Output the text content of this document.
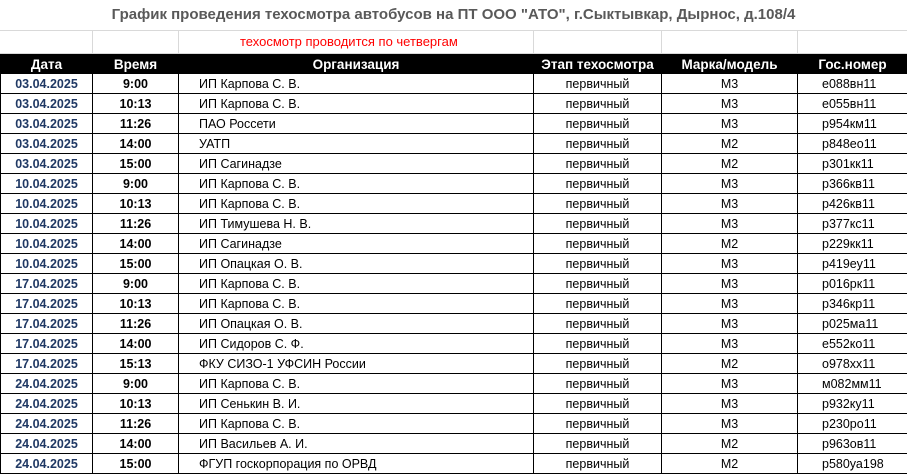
График проведения техосмотра автобусов на ПТ ООО "АТО", г.Сыктывкар, Дырнос, д.108/4
техосмотр проводится по четвергам
Дата	Время	Организация	Этап техосмотра	Марка/модель	Гос.номер
03.04.2025	9:00	ИП Карпова С. В.	первичный	М3	е088вн11
03.04.2025	10:13	ИП Карпова С. В.	первичный	М3	е055вн11
03.04.2025	11:26	ПАО Россети	первичный	М3	р954км11
03.04.2025	14:00	УАТП	первичный	М2	р848ео11
03.04.2025	15:00	ИП Сагинадзе	первичный	М2	р301кк11
10.04.2025	9:00	ИП Карпова С. В.	первичный	М3	р366кв11
10.04.2025	10:13	ИП Карпова С. В.	первичный	М3	р426кв11
10.04.2025	11:26	ИП Тимушева Н. В.	первичный	М3	р377кс11
10.04.2025	14:00	ИП Сагинадзе	первичный	М2	р229кк11
10.04.2025	15:00	ИП Опацкая О. В.	первичный	М3	р419еу11
17.04.2025	9:00	ИП Карпова С. В.	первичный	М3	р016рк11
17.04.2025	10:13	ИП Карпова С. В.	первичный	М3	р346кр11
17.04.2025	11:26	ИП Опацкая О. В.	первичный	М3	р025ма11
17.04.2025	14:00	ИП Сидоров С. Ф.	первичный	М3	е552ко11
17.04.2025	15:13	ФКУ СИЗО-1 УФСИН России	первичный	М2	о978хх11
24.04.2025	9:00	ИП Карпова С. В.	первичный	М3	м082мм11
24.04.2025	10:13	ИП Сенькин В. И.	первичный	М3	р932ку11
24.04.2025	11:26	ИП Карпова С. В.	первичный	М3	р230ро11
24.04.2025	14:00	ИП Васильев А. И.	первичный	М2	р963ов11
24.04.2025	15:00	ФГУП госкорпорация по ОРВД	первичный	М2	р580уа198
